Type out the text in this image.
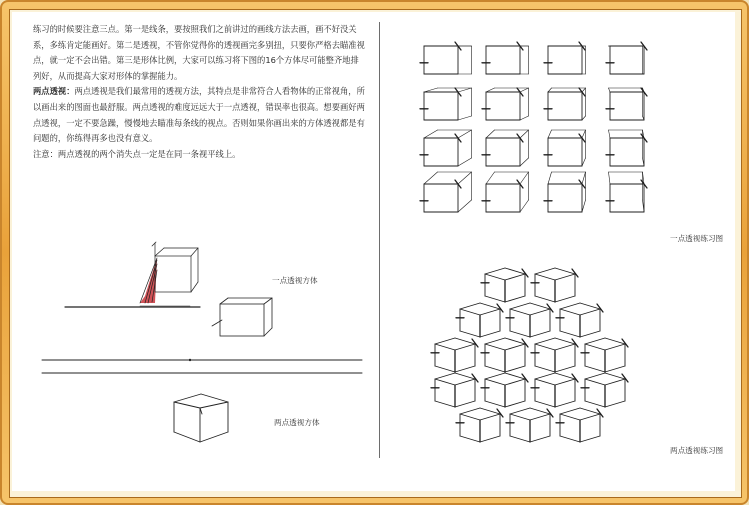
练习的时候要注意三点。第一是线条，要按照我们之前讲过的画线方法去画，画不好没关系，多练肯定能画好。第二是透视，不管你觉得你的透视画完多别扭，只要你严格去瞄准视点，就一定不会出错。第三是形体比例，大家可以练习将下图的16个方体尽可能整齐地排列好，从而提高大家对形体的掌握能力。

两点透视：两点透视是我们最常用的透视方法，其特点是非常符合人看物体的正常视角，所以画出来的图面也最舒服。两点透视的难度远远大于一点透视，错误率也很高。想要画好两点透视，一定不要急躁，慢慢地去瞄准每条线的视点。否则如果你画出来的方体透视都是有问题的，你练得再多也没有意义。

注意：两点透视的两个消失点一定是在同一条视平线上。

一点透视方体
两点透视方体
一点透视练习图
两点透视练习图
